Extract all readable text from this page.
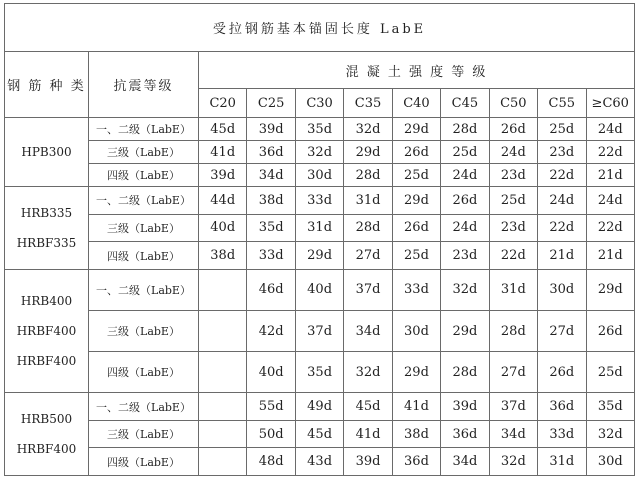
受拉钢筋基本锚固长度 LabE										
钢 筋 种 类	抗震等级	混 凝 土 强 度 等 级								
		C20	C25	C30	C35	C40	C45	C50	C55	≥C60

HPB300	一、二级（LabE）	45d	39d	35d	32d	29d	28d	26d	25d	24d
	三级（LabE）	41d	36d	32d	29d	26d	25d	24d	23d	22d
	四级（LabE）	39d	34d	30d	28d	25d	24d	23d	22d	21d

HRB335
HRBF335	一、二级（LabE）	44d	38d	33d	31d	29d	26d	25d	24d	24d
	三级（LabE）	40d	35d	31d	28d	26d	24d	23d	22d	22d
	四级（LabE）	38d	33d	29d	27d	25d	23d	22d	21d	21d

HRB400
HRBF400
HRBF400	一、二级（LabE）		46d	40d	37d	33d	32d	31d	30d	29d
	三级（LabE）		42d	37d	34d	30d	29d	28d	27d	26d
	四级（LabE）		40d	35d	32d	29d	28d	27d	26d	25d

HRB500
HRBF400	一、二级（LabE）		55d	49d	45d	41d	39d	37d	36d	35d
	三级（LabE）		50d	45d	41d	38d	36d	34d	33d	32d
	四级（LabE）		48d	43d	39d	36d	34d	32d	31d	30d
